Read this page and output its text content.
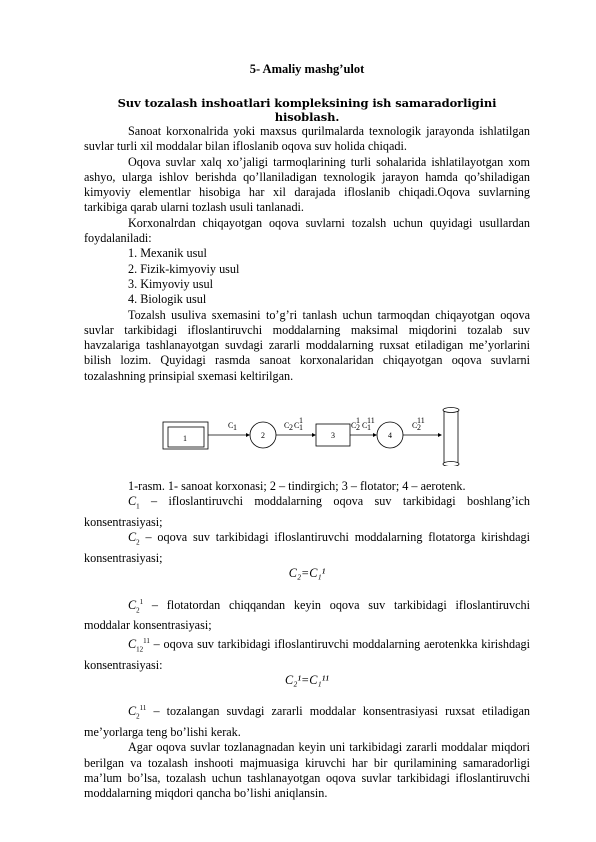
5- Amaliy mashg’ulot
Suv tozalash inshoatlari kompleksining ish samaradorligini hisoblash.

Sanoat korxonalrida yoki maxsus qurilmalarda texnologik jarayonda ishlatilgan suvlar turli xil moddalar bilan ifloslanib oqova suv holida chiqadi.

Oqova suvlar xalq xo’jaligi tarmoqlarining turli sohalarida ishlatilayotgan xom ashyo, ularga ishlov berishda qo’llaniladigan texnologik jarayon hamda qo’shiladigan kimyoviy elementlar hisobiga har xil darajada ifloslanib chiqadi.Oqova suvlarning tarkibiga qarab ularni tozlash usuli tanlanadi.

Korxonalrdan chiqayotgan oqova suvlarni tozalsh uchun quyidagi usullardan foydalaniladi:

1. Mexanik usul
2. Fizik-kimyoviy usul
3. Kimyoviy usul
4. Biologik usul

Tozalsh usuliva sxemasini to’g’ri tanlash uchun tarmoqdan chiqayotgan oqova suvlar tarkibidagi ifloslantiruvchi moddalarning maksimal miqdorini tozalab suv havzalariga tashlanayotgan suvdagi zararli moddalarning ruxsat etiladigan me’yorlarini bilish lozim. Quyidagi rasmda sanoat korxonalaridan chiqayotgan oqova suvlarni tozalashning prinsipial sxemasi keltirilgan.

1
C 1
2
C 2 C 1
1
3
C 2
1
C 1
11
4
C 2
11

1-rasm. 1- sanoat korxonasi; 2 – tindirgich; 3 – flotator; 4 – aerotenk.

$C_1$ – ifloslantiruvchi moddalarning oqova suv tarkibidagi boshlang’ich konsentrasiyasi;

$C_2$ – oqova suv tarkibidagi ifloslantiruvchi moddalarning flotatorga kirishdagi konsentrasiyasi;

C₂=C₁¹

$C_2^1$ – flotatordan chiqqandan keyin oqova suv tarkibidagi ifloslantiruvchi moddalar konsentrasiyasi;

$C_{12}^{11}$ – oqova suv tarkibidagi ifloslantiruvchi moddalarning aerotenkka kirishdagi konsentrasiyasi:

C₂¹=C₁¹¹

$C_2^{11}$ – tozalangan suvdagi zararli moddalar konsentrasiyasi ruxsat etiladigan me’yorlarga teng bo’lishi kerak.

Agar oqova suvlar tozlanagnadan keyin uni tarkibidagi zararli moddalar miqdori berilgan va tozalash inshooti majmuasiga kiruvchi har bir qurilamining samaradorligi ma’lum bo’lsa, tozalash uchun tashlanayotgan oqova suvlar tarkibidagi ifloslantiruvchi moddalarning miqdori qancha bo’lishi aniqlansin.
